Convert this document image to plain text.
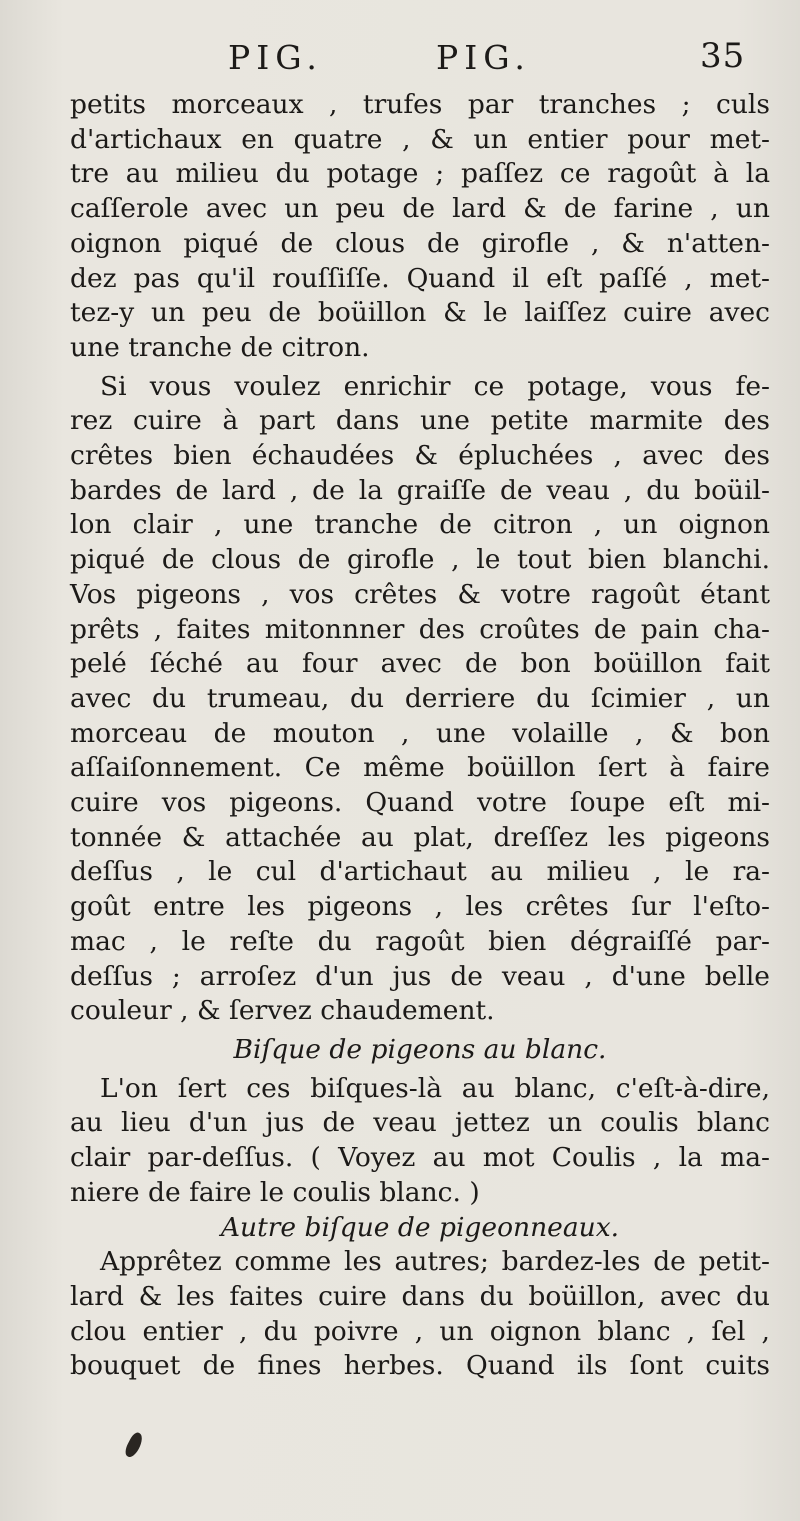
PIG.	PIG.	35
petits morceaux , trufes par tranches ; culs
d'artichaux en quatre , & un entier pour met-
tre au milieu du potage ; paſſez ce ragoût à la
caſſerole avec un peu de lard & de farine , un
oignon piqué de clous de girofle , & n'atten-
dez pas qu'il rouſſiſſe. Quand il eſt paſſé , met-
tez-y un peu de boüillon & le laiſſez cuire avec
une tranche de citron.
Si vous voulez enrichir ce potage, vous fe-
rez cuire à part dans une petite marmite des
crêtes bien échaudées & épluchées , avec des
bardes de lard , de la graiſſe de veau , du boüil-
lon clair , une tranche de citron , un oignon
piqué de clous de girofle , le tout bien blanchi.
Vos pigeons , vos crêtes & votre ragoût étant
prêts , faites mitonnner des croûtes de pain cha-
pelé ſéché au four avec de bon boüillon fait
avec du trumeau, du derriere du ſcimier , un
morceau de mouton , une volaille , & bon
aſſaiſonnement. Ce même boüillon ſert à faire
cuire vos pigeons. Quand votre ſoupe eſt mi-
tonnée & attachée au plat, dreſſez les pigeons
deſſus , le cul d'artichaut au milieu , le ra-
goût entre les pigeons , les crêtes ſur l'eſto-
mac , le reſte du ragoût bien dégraiſſé par-
deſſus ; arroſez d'un jus de veau , d'une belle
couleur , & ſervez chaudement.
Biſque de pigeons au blanc.
L'on ſert ces biſques-là au blanc, c'eſt-à-dire,
au lieu d'un jus de veau jettez un coulis blanc
clair par-deſſus. ( Voyez au mot Coulis , la ma-
niere de faire le coulis blanc. )
Autre biſque de pigeonneaux.
Apprêtez comme les autres; bardez-les de petit-
lard & les faites cuire dans du boüillon, avec du
clou entier , du poivre , un oignon blanc , ſel ,
bouquet de fines herbes. Quand ils ſont cuits
